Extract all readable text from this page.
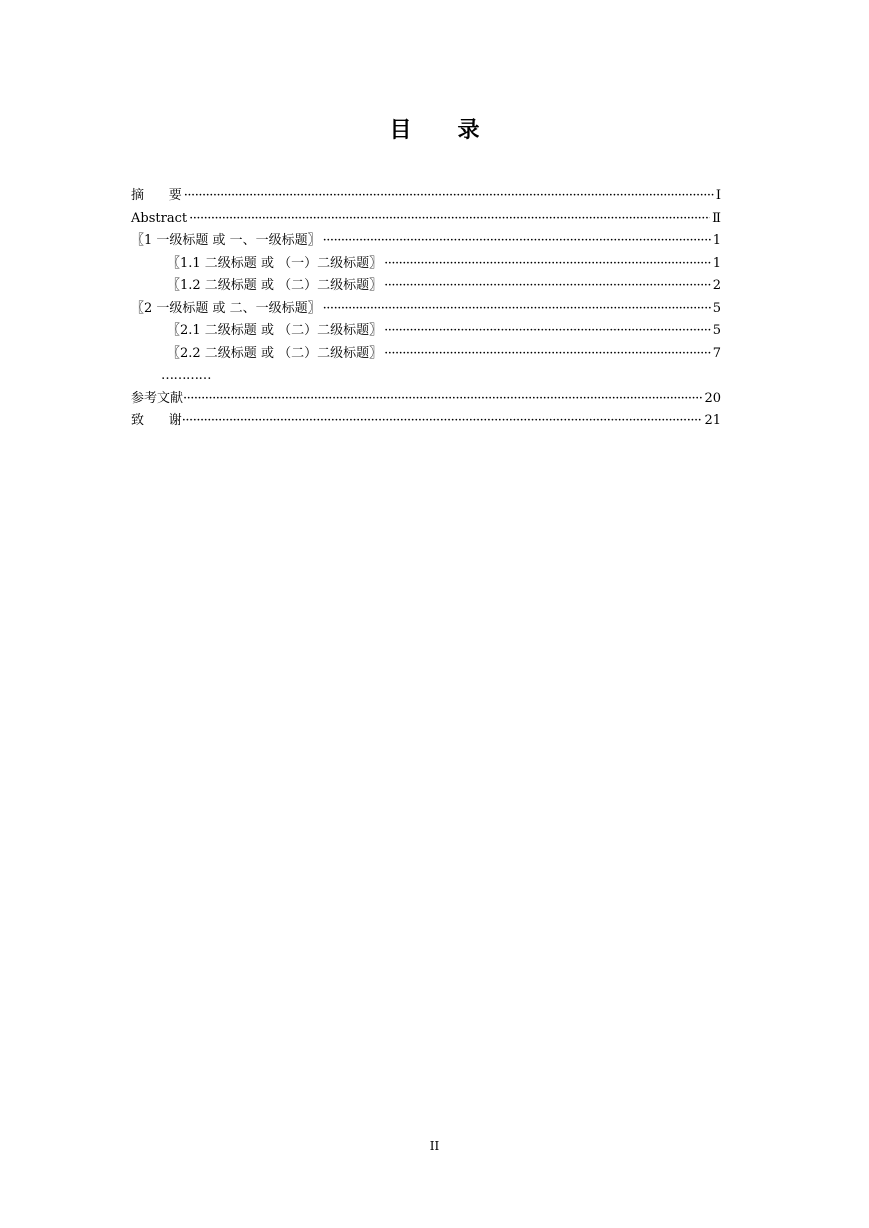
目      录
摘      要 ·····	Ⅰ
Abstract ·····	Ⅱ
〖1 一级标题 或 一、一级标题〗 ·····	1
〖1.1 二级标题 或 （一）二级标题〗 ·····	1
〖1.2 二级标题 或 （二）二级标题〗 ·····	2
〖2 一级标题 或 二、一级标题〗 ·····	5
〖2.1 二级标题 或 （二）二级标题〗 ·····	5
〖2.2 二级标题 或 （二）二级标题〗 ·····	7
…………
参考文献 ·····	20
致      谢 ·····	21
II
